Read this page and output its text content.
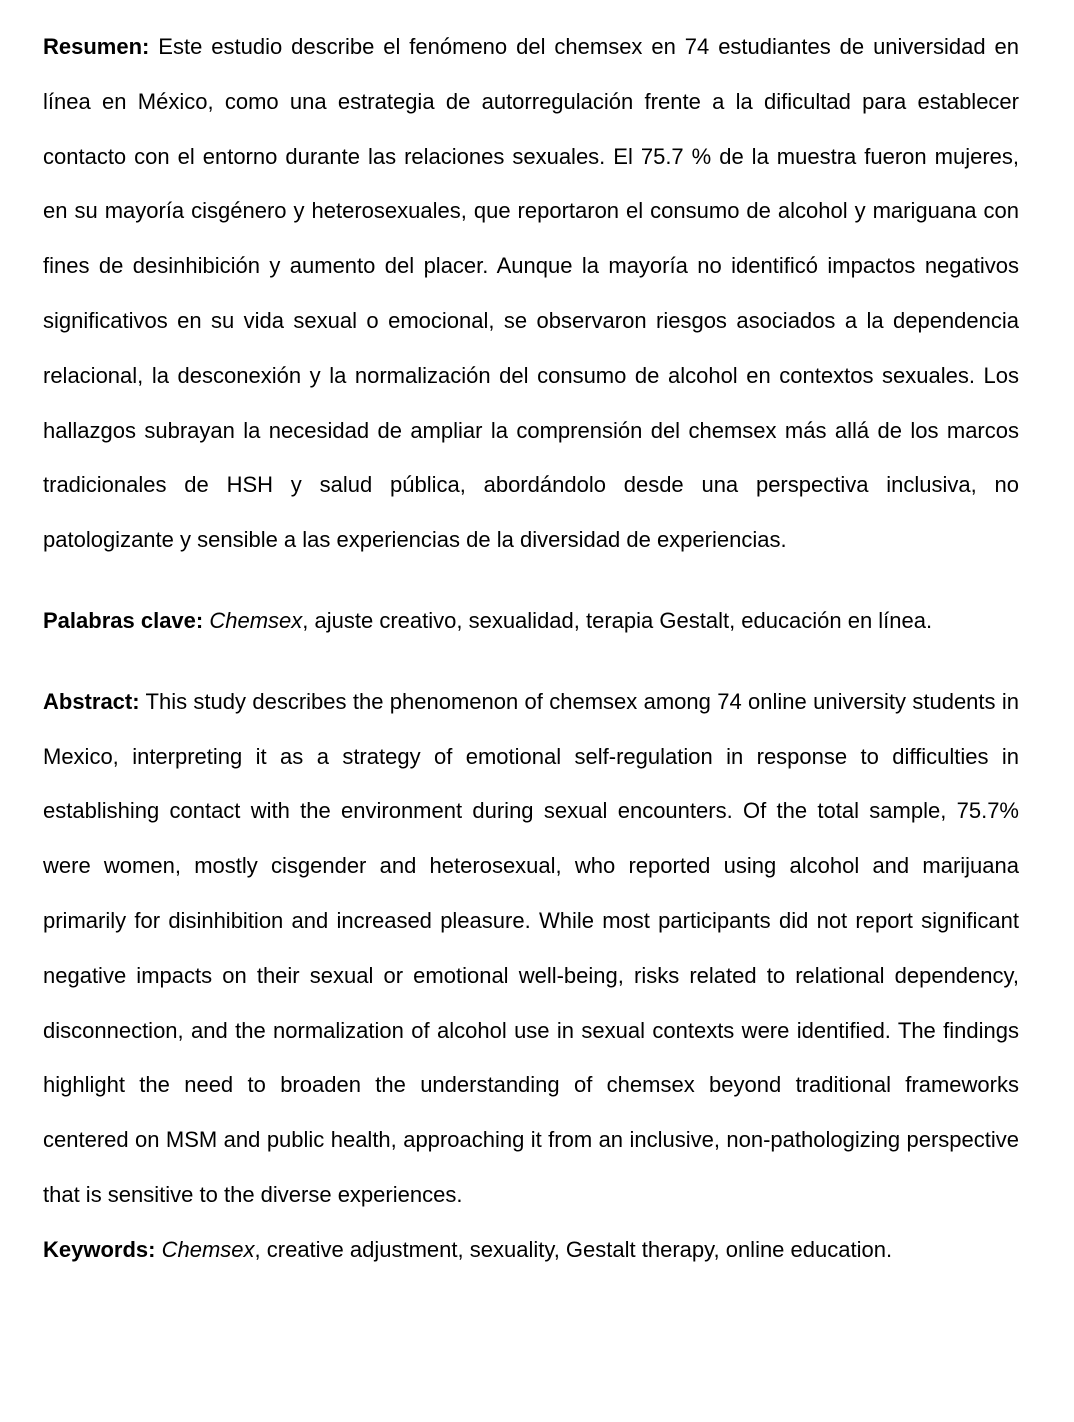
Resumen: Este estudio describe el fenómeno del chemsex en 74 estudiantes de universidad en línea en México, como una estrategia de autorregulación frente a la dificultad para establecer contacto con el entorno durante las relaciones sexuales. El 75.7 % de la muestra fueron mujeres, en su mayoría cisgénero y heterosexuales, que reportaron el consumo de alcohol y mariguana con fines de desinhibición y aumento del placer. Aunque la mayoría no identificó impactos negativos significativos en su vida sexual o emocional, se observaron riesgos asociados a la dependencia relacional, la desconexión y la normalización del consumo de alcohol en contextos sexuales. Los hallazgos subrayan la necesidad de ampliar la comprensión del chemsex más allá de los marcos tradicionales de HSH y salud pública, abordándolo desde una perspectiva inclusiva, no patologizante y sensible a las experiencias de la diversidad de experiencias.

Palabras clave: Chemsex, ajuste creativo, sexualidad, terapia Gestalt, educación en línea.

Abstract: This study describes the phenomenon of chemsex among 74 online university students in Mexico, interpreting it as a strategy of emotional self-regulation in response to difficulties in establishing contact with the environment during sexual encounters. Of the total sample, 75.7% were women, mostly cisgender and heterosexual, who reported using alcohol and marijuana primarily for disinhibition and increased pleasure. While most participants did not report significant negative impacts on their sexual or emotional well-being, risks related to relational dependency, disconnection, and the normalization of alcohol use in sexual contexts were identified. The findings highlight the need to broaden the understanding of chemsex beyond traditional frameworks centered on MSM and public health, approaching it from an inclusive, non-pathologizing perspective that is sensitive to the diverse experiences.

Keywords: Chemsex, creative adjustment, sexuality, Gestalt therapy, online education.
